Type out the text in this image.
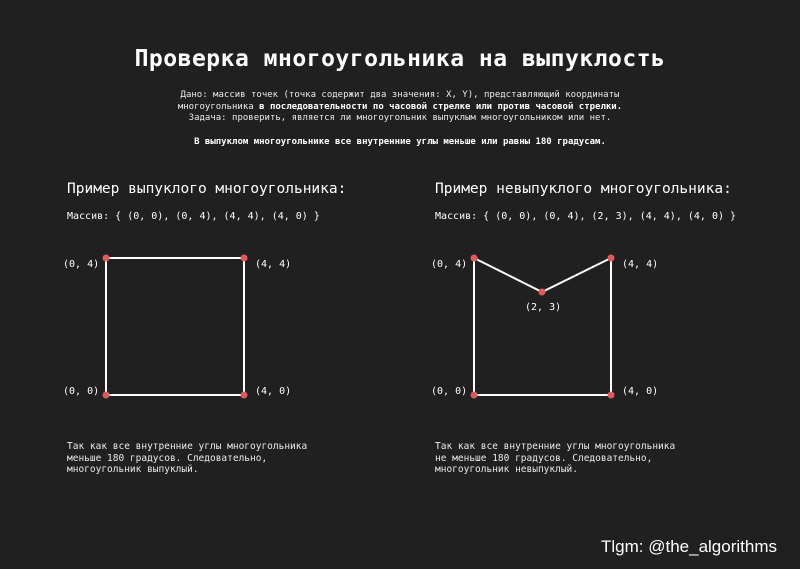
Проверка многоугольника на выпуклость
Дано: массив точек (точка содержит два значения: X, Y), представляющий координаты
многоугольника в последовательности по часовой стрелке или против часовой стрелки.
Задача: проверить, является ли многоугольник выпуклым многоугольником или нет.
В выпуклом многоугольнике все внутренние углы меньше или равны 180 градусам.
Пример выпуклого многоугольника:
Массив: { (0, 0), (0, 4), (4, 4), (4, 0) }
Пример невыпуклого многоугольника:
Массив: { (0, 0), (0, 4), (2, 3), (4, 4), (4, 0) }
(0, 4)	(4, 4)
(0, 0)	(4, 0)
(0, 4)
(2, 3)
(4, 4)
(0, 0)	(4, 0)
Так как все внутренние углы многоугольника
меньше 180 градусов. Следовательно,
многоугольник выпуклый.
Так как все внутренние углы многоугольника
не меньше 180 градусов. Следовательно,
многоугольник невыпуклый.
Tlgm: @the_algorithms
